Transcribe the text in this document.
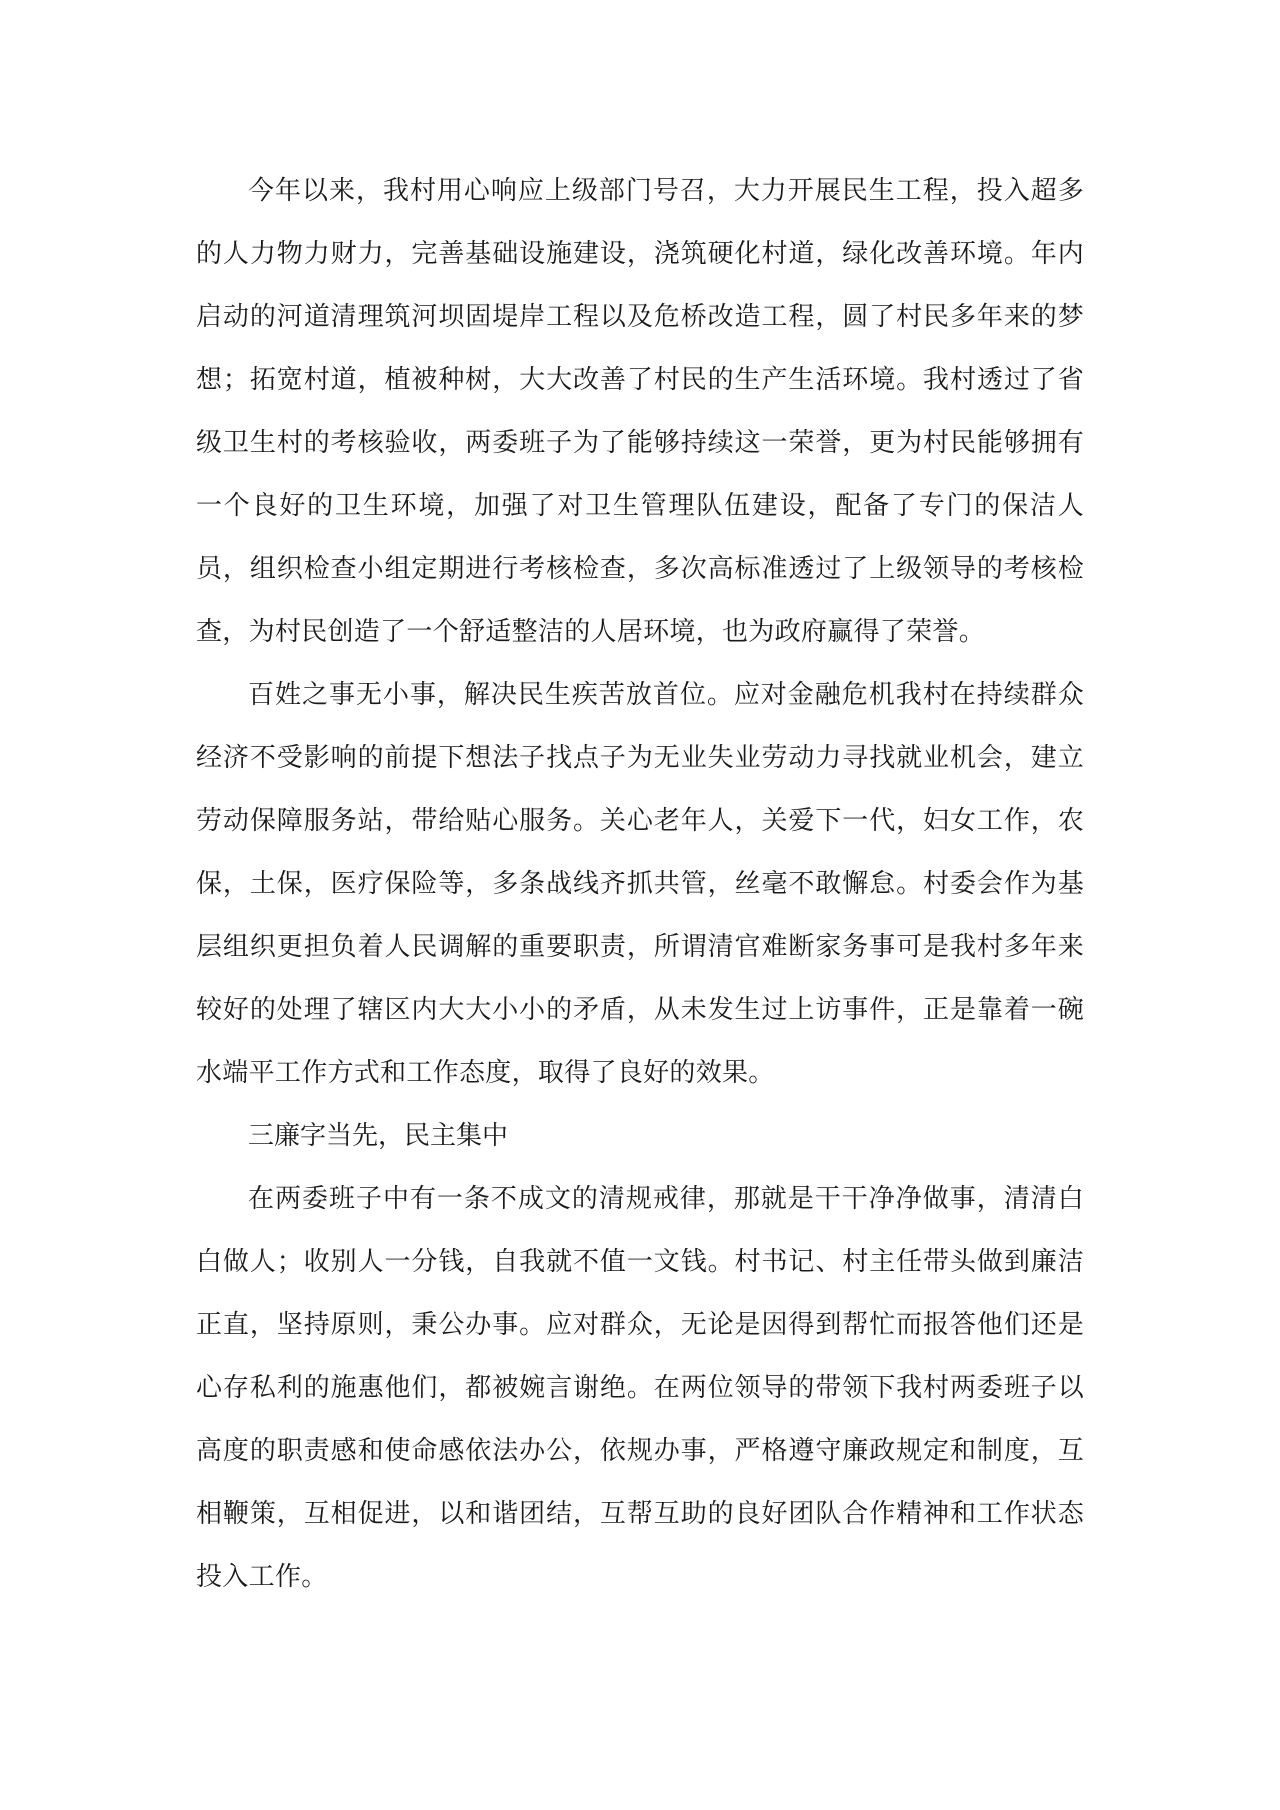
今年以来，我村用心响应上级部门号召，大力开展民生工程，投入超多的人力物力财力，完善基础设施建设，浇筑硬化村道，绿化改善环境。年内启动的河道清理筑河坝固堤岸工程以及危桥改造工程，圆了村民多年来的梦想；拓宽村道，植被种树，大大改善了村民的生产生活环境。我村透过了省级卫生村的考核验收，两委班子为了能够持续这一荣誉，更为村民能够拥有一个良好的卫生环境，加强了对卫生管理队伍建设，配备了专门的保洁人员，组织检查小组定期进行考核检查，多次高标准透过了上级领导的考核检查，为村民创造了一个舒适整洁的人居环境，也为政府赢得了荣誉。

百姓之事无小事，解决民生疾苦放首位。应对金融危机我村在持续群众经济不受影响的前提下想法子找点子为无业失业劳动力寻找就业机会，建立劳动保障服务站，带给贴心服务。关心老年人，关爱下一代，妇女工作，农保，土保，医疗保险等，多条战线齐抓共管，丝毫不敢懈怠。村委会作为基层组织更担负着人民调解的重要职责，所谓清官难断家务事可是我村多年来较好的处理了辖区内大大小小的矛盾，从未发生过上访事件，正是靠着一碗水端平工作方式和工作态度，取得了良好的效果。

三廉字当先，民主集中

在两委班子中有一条不成文的清规戒律，那就是干干净净做事，清清白白做人；收别人一分钱，自我就不值一文钱。村书记、村主任带头做到廉洁正直，坚持原则，秉公办事。应对群众，无论是因得到帮忙而报答他们还是心存私利的施惠他们，都被婉言谢绝。在两位领导的带领下我村两委班子以高度的职责感和使命感依法办公，依规办事，严格遵守廉政规定和制度，互相鞭策，互相促进，以和谐团结，互帮互助的良好团队合作精神和工作状态投入工作。
